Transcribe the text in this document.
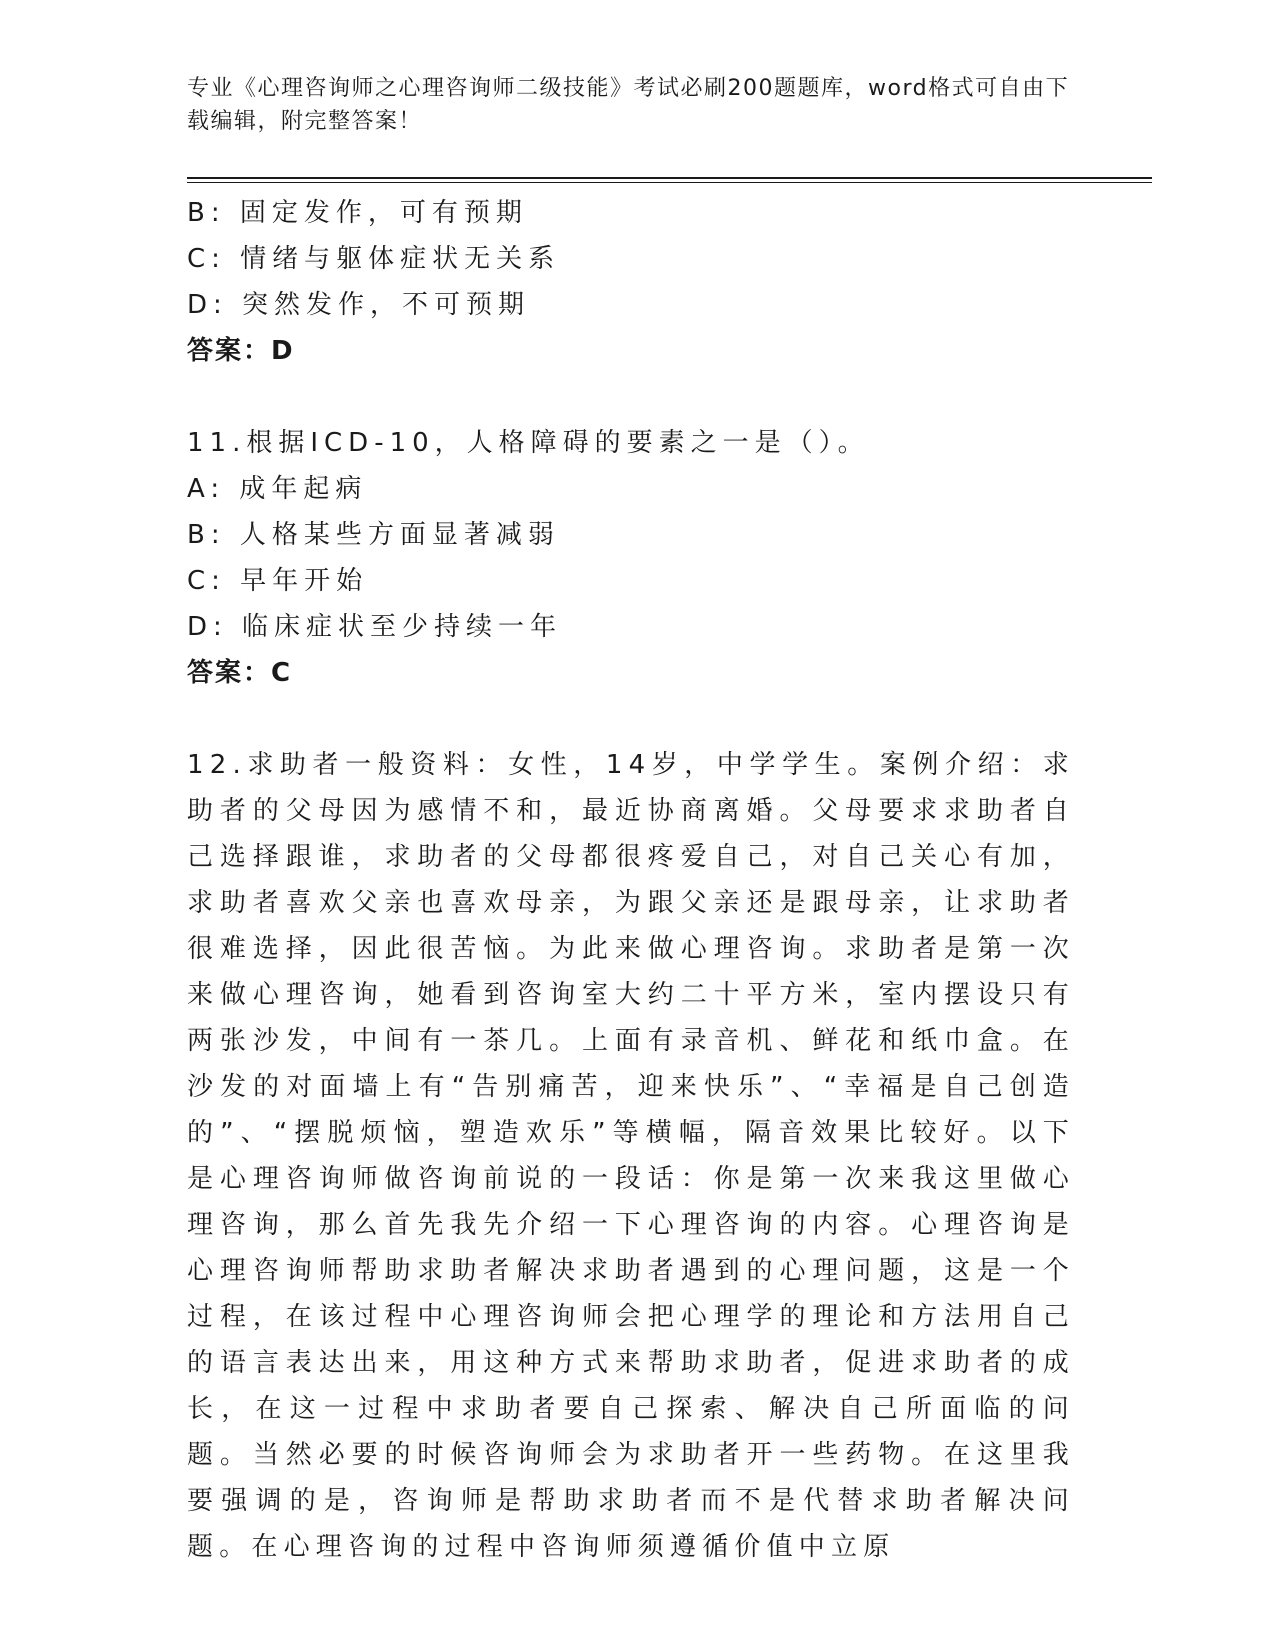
专业《心理咨询师之心理咨询师二级技能》考试必刷200题题库，word格式可自由下载编辑，附完整答案！

B: 固定发作，可有预期

C: 情绪与躯体症状无关系

D: 突然发作，不可预期

答案：D

11.根据ICD-10，人格障碍的要素之一是（）。

A: 成年起病

B: 人格某些方面显著减弱

C: 早年开始

D: 临床症状至少持续一年

答案：C

12.求助者一般资料：女性，14岁，中学学生。案例介绍：求助者的父母因为感情不和，最近协商离婚。父母要求求助者自己选择跟谁，求助者的父母都很疼爱自己，对自己关心有加，求助者喜欢父亲也喜欢母亲，为跟父亲还是跟母亲，让求助者很难选择，因此很苦恼。为此来做心理咨询。求助者是第一次来做心理咨询，她看到咨询室大约二十平方米，室内摆设只有两张沙发，中间有一茶几。上面有录音机、鲜花和纸巾盒。在沙发的对面墙上有“告别痛苦，迎来快乐”、“幸福是自己创造的”、“摆脱烦恼，塑造欢乐”等横幅，隔音效果比较好。以下是心理咨询师做咨询前说的一段话：你是第一次来我这里做心理咨询，那么首先我先介绍一下心理咨询的内容。心理咨询是心理咨询师帮助求助者解决求助者遇到的心理问题，这是一个过程，在该过程中心理咨询师会把心理学的理论和方法用自己的语言表达出来，用这种方式来帮助求助者，促进求助者的成长，在这一过程中求助者要自己探索、解决自己所面临的问题。当然必要的时候咨询师会为求助者开一些药物。在这里我要强调的是，咨询师是帮助求助者而不是代替求助者解决问题。在心理咨询的过程中咨询师须遵循价值中立原
